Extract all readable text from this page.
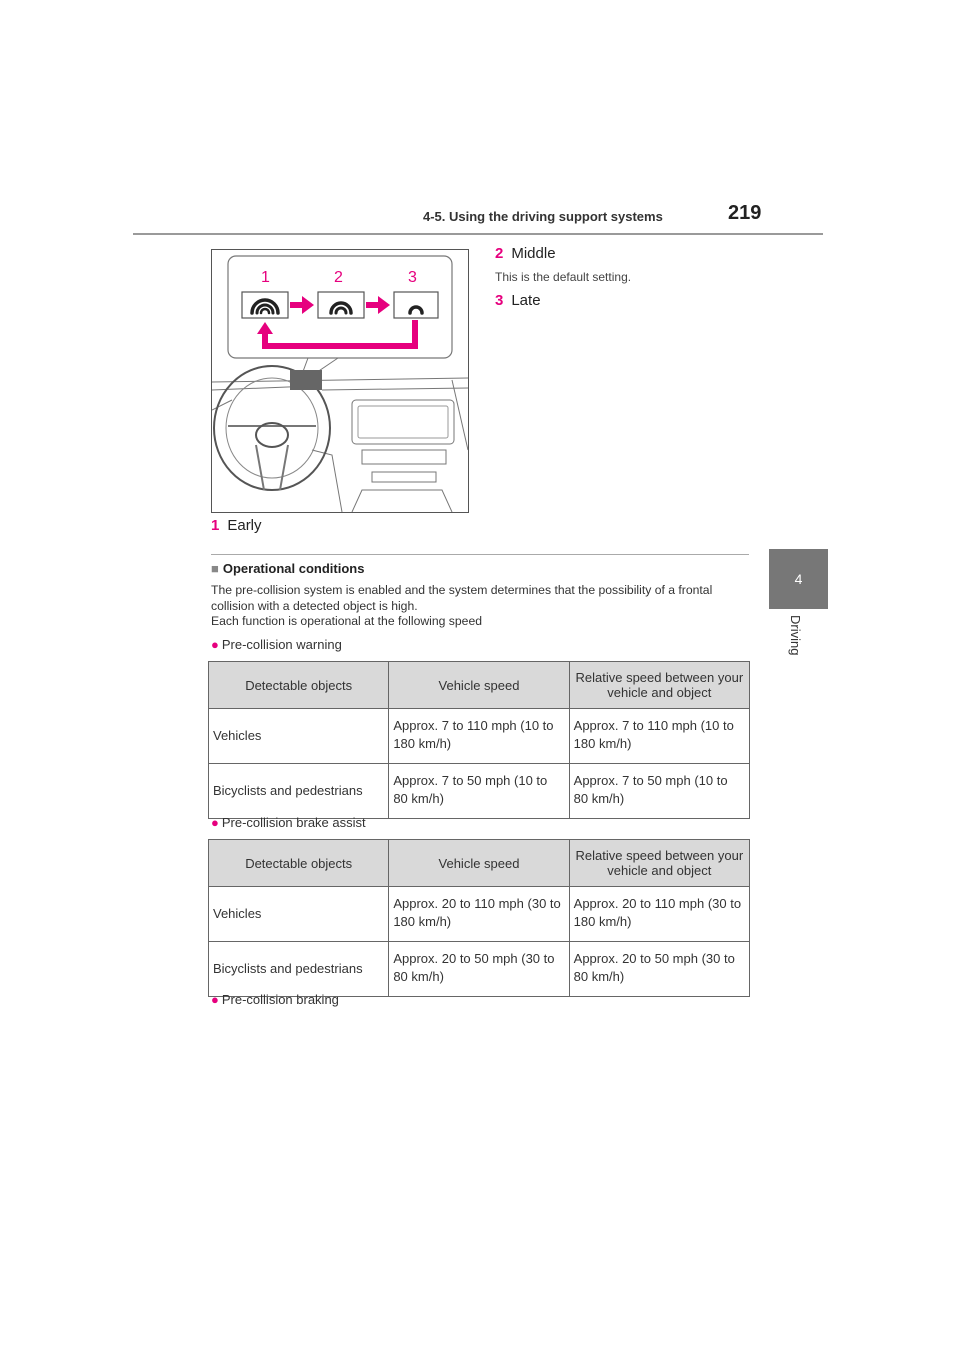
4-5. Using the driving support systems	219
4
Driving
1	2	3
2 Middle
This is the default setting.
3 Late
1 Early
■ Operational conditions
The pre-collision system is enabled and the system determines that the possibility of a frontal
collision with a detected object is high.
Each function is operational at the following speed
● Pre-collision warning
Detectable objects	Vehicle speed	Relative speed between your vehicle and object
Vehicles	Approx. 7 to 110 mph (10 to 180 km/h)	Approx. 7 to 110 mph (10 to 180 km/h)
Bicyclists and pedestrians	Approx. 7 to 50 mph (10 to 80 km/h)	Approx. 7 to 50 mph (10 to 80 km/h)
● Pre-collision brake assist
Detectable objects	Vehicle speed	Relative speed between your vehicle and object
Vehicles	Approx. 20 to 110 mph (30 to 180 km/h)	Approx. 20 to 110 mph (30 to 180 km/h)
Bicyclists and pedestrians	Approx. 20 to 50 mph (30 to 80 km/h)	Approx. 20 to 50 mph (30 to 80 km/h)
● Pre-collision braking
